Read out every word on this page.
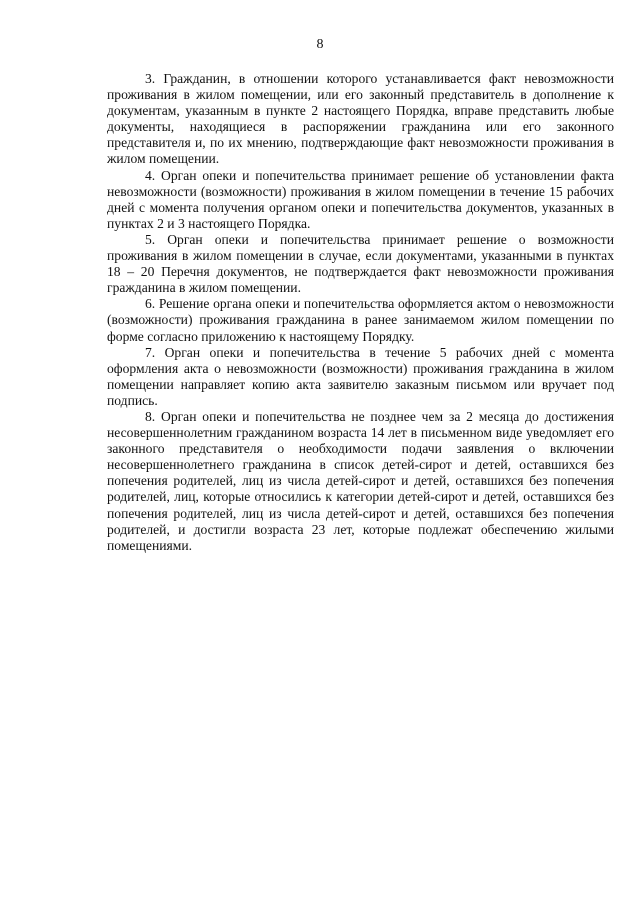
8

3. Гражданин, в отношении которого устанавливается факт невозможности проживания в жилом помещении, или его законный представитель в дополнение к документам, указанным в пункте 2 настоящего Порядка, вправе представить любые документы, находящиеся в распоряжении гражданина или его законного представителя и, по их мнению, подтверждающие факт невозможности проживания в жилом помещении.

4. Орган опеки и попечительства принимает решение об установлении факта невозможности (возможности) проживания в жилом помещении в течение 15 рабочих дней с момента получения органом опеки и попечительства документов, указанных в пунктах 2 и 3 настоящего Порядка.

5. Орган опеки и попечительства принимает решение о возможности проживания в жилом помещении в случае, если документами, указанными в пунктах 18 – 20 Перечня документов, не подтверждается факт невозможности проживания гражданина в жилом помещении.

6. Решение органа опеки и попечительства оформляется актом о невозможности (возможности) проживания гражданина в ранее занимаемом жилом помещении по форме согласно приложению к настоящему Порядку.

7. Орган опеки и попечительства в течение 5 рабочих дней с момента оформления акта о невозможности (возможности) проживания гражданина в жилом помещении направляет копию акта заявителю заказным письмом или вручает под подпись.

8. Орган опеки и попечительства не позднее чем за 2 месяца до достижения несовершеннолетним гражданином возраста 14 лет в письменном виде уведомляет его законного представителя о необходимости подачи заявления о включении несовершеннолетнего гражданина в список детей-сирот и детей, оставшихся без попечения родителей, лиц из числа детей-сирот и детей, оставшихся без попечения родителей, лиц, которые относились к категории детей-сирот и детей, оставшихся без попечения родителей, лиц из числа детей-сирот и детей, оставшихся без попечения родителей, и достигли возраста 23 лет, которые подлежат обеспечению жилыми помещениями.
